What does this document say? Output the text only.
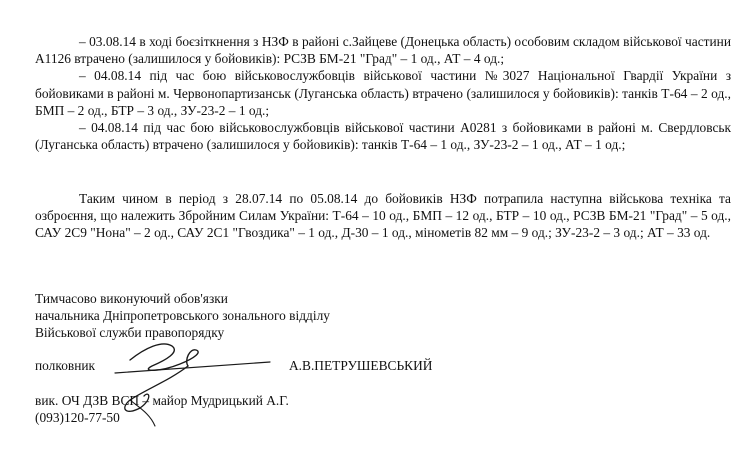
– 03.08.14 в ході боєзіткнення з НЗФ в районі с.Зайцеве (Донецька область) особовим складом військової частини А1126 втрачено (залишилося у бойовиків): РСЗВ БМ-21 "Град" – 1 од., АТ – 4 од.;

– 04.08.14 під час бою військовослужбовців військової частини №3027 Національної Гвардії України з бойовиками в районі м. Червонопартизанськ (Луганська область) втрачено (залишилося у бойовиків): танків Т-64 – 2 од., БМП – 2 од., БТР – 3 од., ЗУ-23-2 – 1 од.;

– 04.08.14 під час бою військовослужбовців військової частини А0281 з бойовиками в районі м. Свердловськ (Луганська область) втрачено (залишилося у бойовиків): танків Т-64 – 1 од., ЗУ-23-2 – 1 од., АТ – 1 од.;

Таким чином в період з 28.07.14 по 05.08.14 до бойовиків НЗФ потрапила наступна військова техніка та озброєння, що належить Збройним Силам України: Т-64 – 10 од., БМП – 12 од., БТР – 10 од., РСЗВ БМ-21 "Град" – 5 од., САУ 2С9 "Нона" – 2 од., САУ 2С1 "Гвоздика" – 1 од., Д-30 – 1 од., мінометів 82 мм – 9 од.; ЗУ-23-2 – 3 од.; АТ – 33 од.

Тимчасово виконуючий обов'язки

начальника Дніпропетровського зонального відділу

Військової служби правопорядку

полковник	А.В.ПЕТРУШЕВСЬКИЙ

вик. ОЧ ДЗВ ВСП – майор Мудрицький А.Г.

(093)120-77-50
